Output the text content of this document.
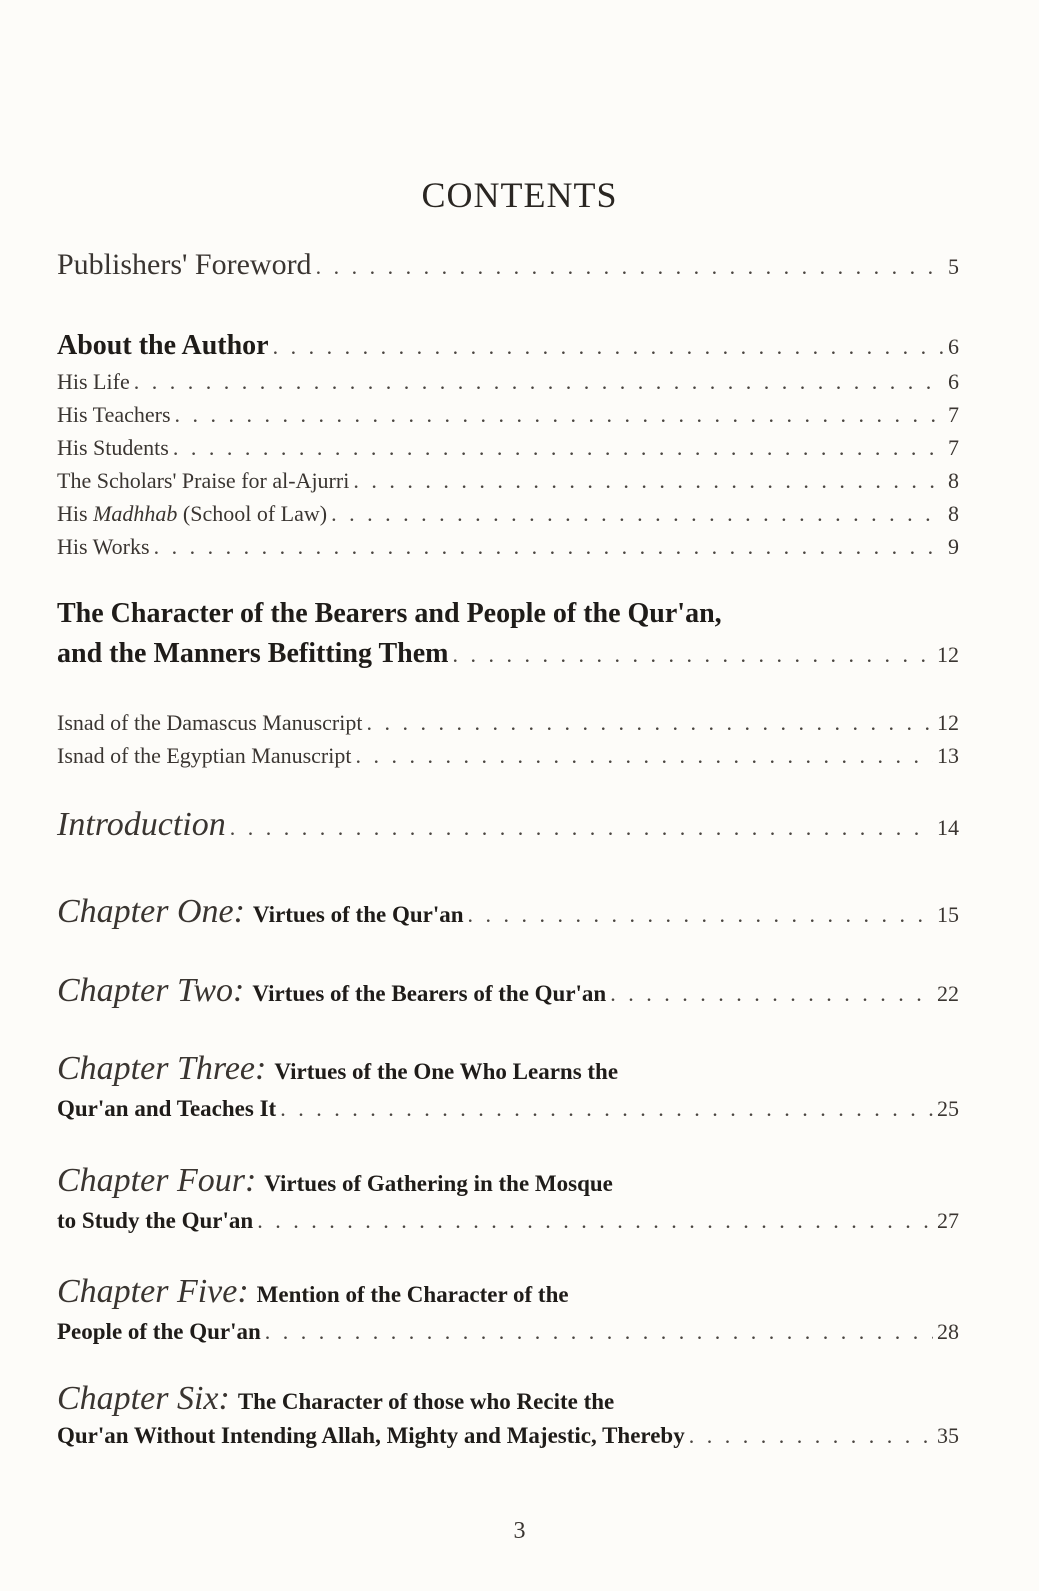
CONTENTS
Publishers' Foreword . . .	5
About the Author . . .	6
His Life . . .	6
His Teachers . . .	7
His Students . . .	7
The Scholars' Praise for al-Ajurri . . .	8
His Madhhab (School of Law) . . .	8
His Works . . .	9
The Character of the Bearers and People of the Qur'an,
and the Manners Befitting Them . . .	12
Isnad of the Damascus Manuscript . . .	12
Isnad of the Egyptian Manuscript . . .	13
Introduction . . .	14
Chapter One: Virtues of the Qur'an . . .	15
Chapter Two: Virtues of the Bearers of the Qur'an . . .	22
Chapter Three: Virtues of the One Who Learns the
Qur'an and Teaches It . . .	25
Chapter Four: Virtues of Gathering in the Mosque
to Study the Qur'an . . .	27
Chapter Five: Mention of the Character of the
People of the Qur'an . . .	28
Chapter Six: The Character of those who Recite the
Qur'an Without Intending Allah, Mighty and Majestic, Thereby . . .	35
3
